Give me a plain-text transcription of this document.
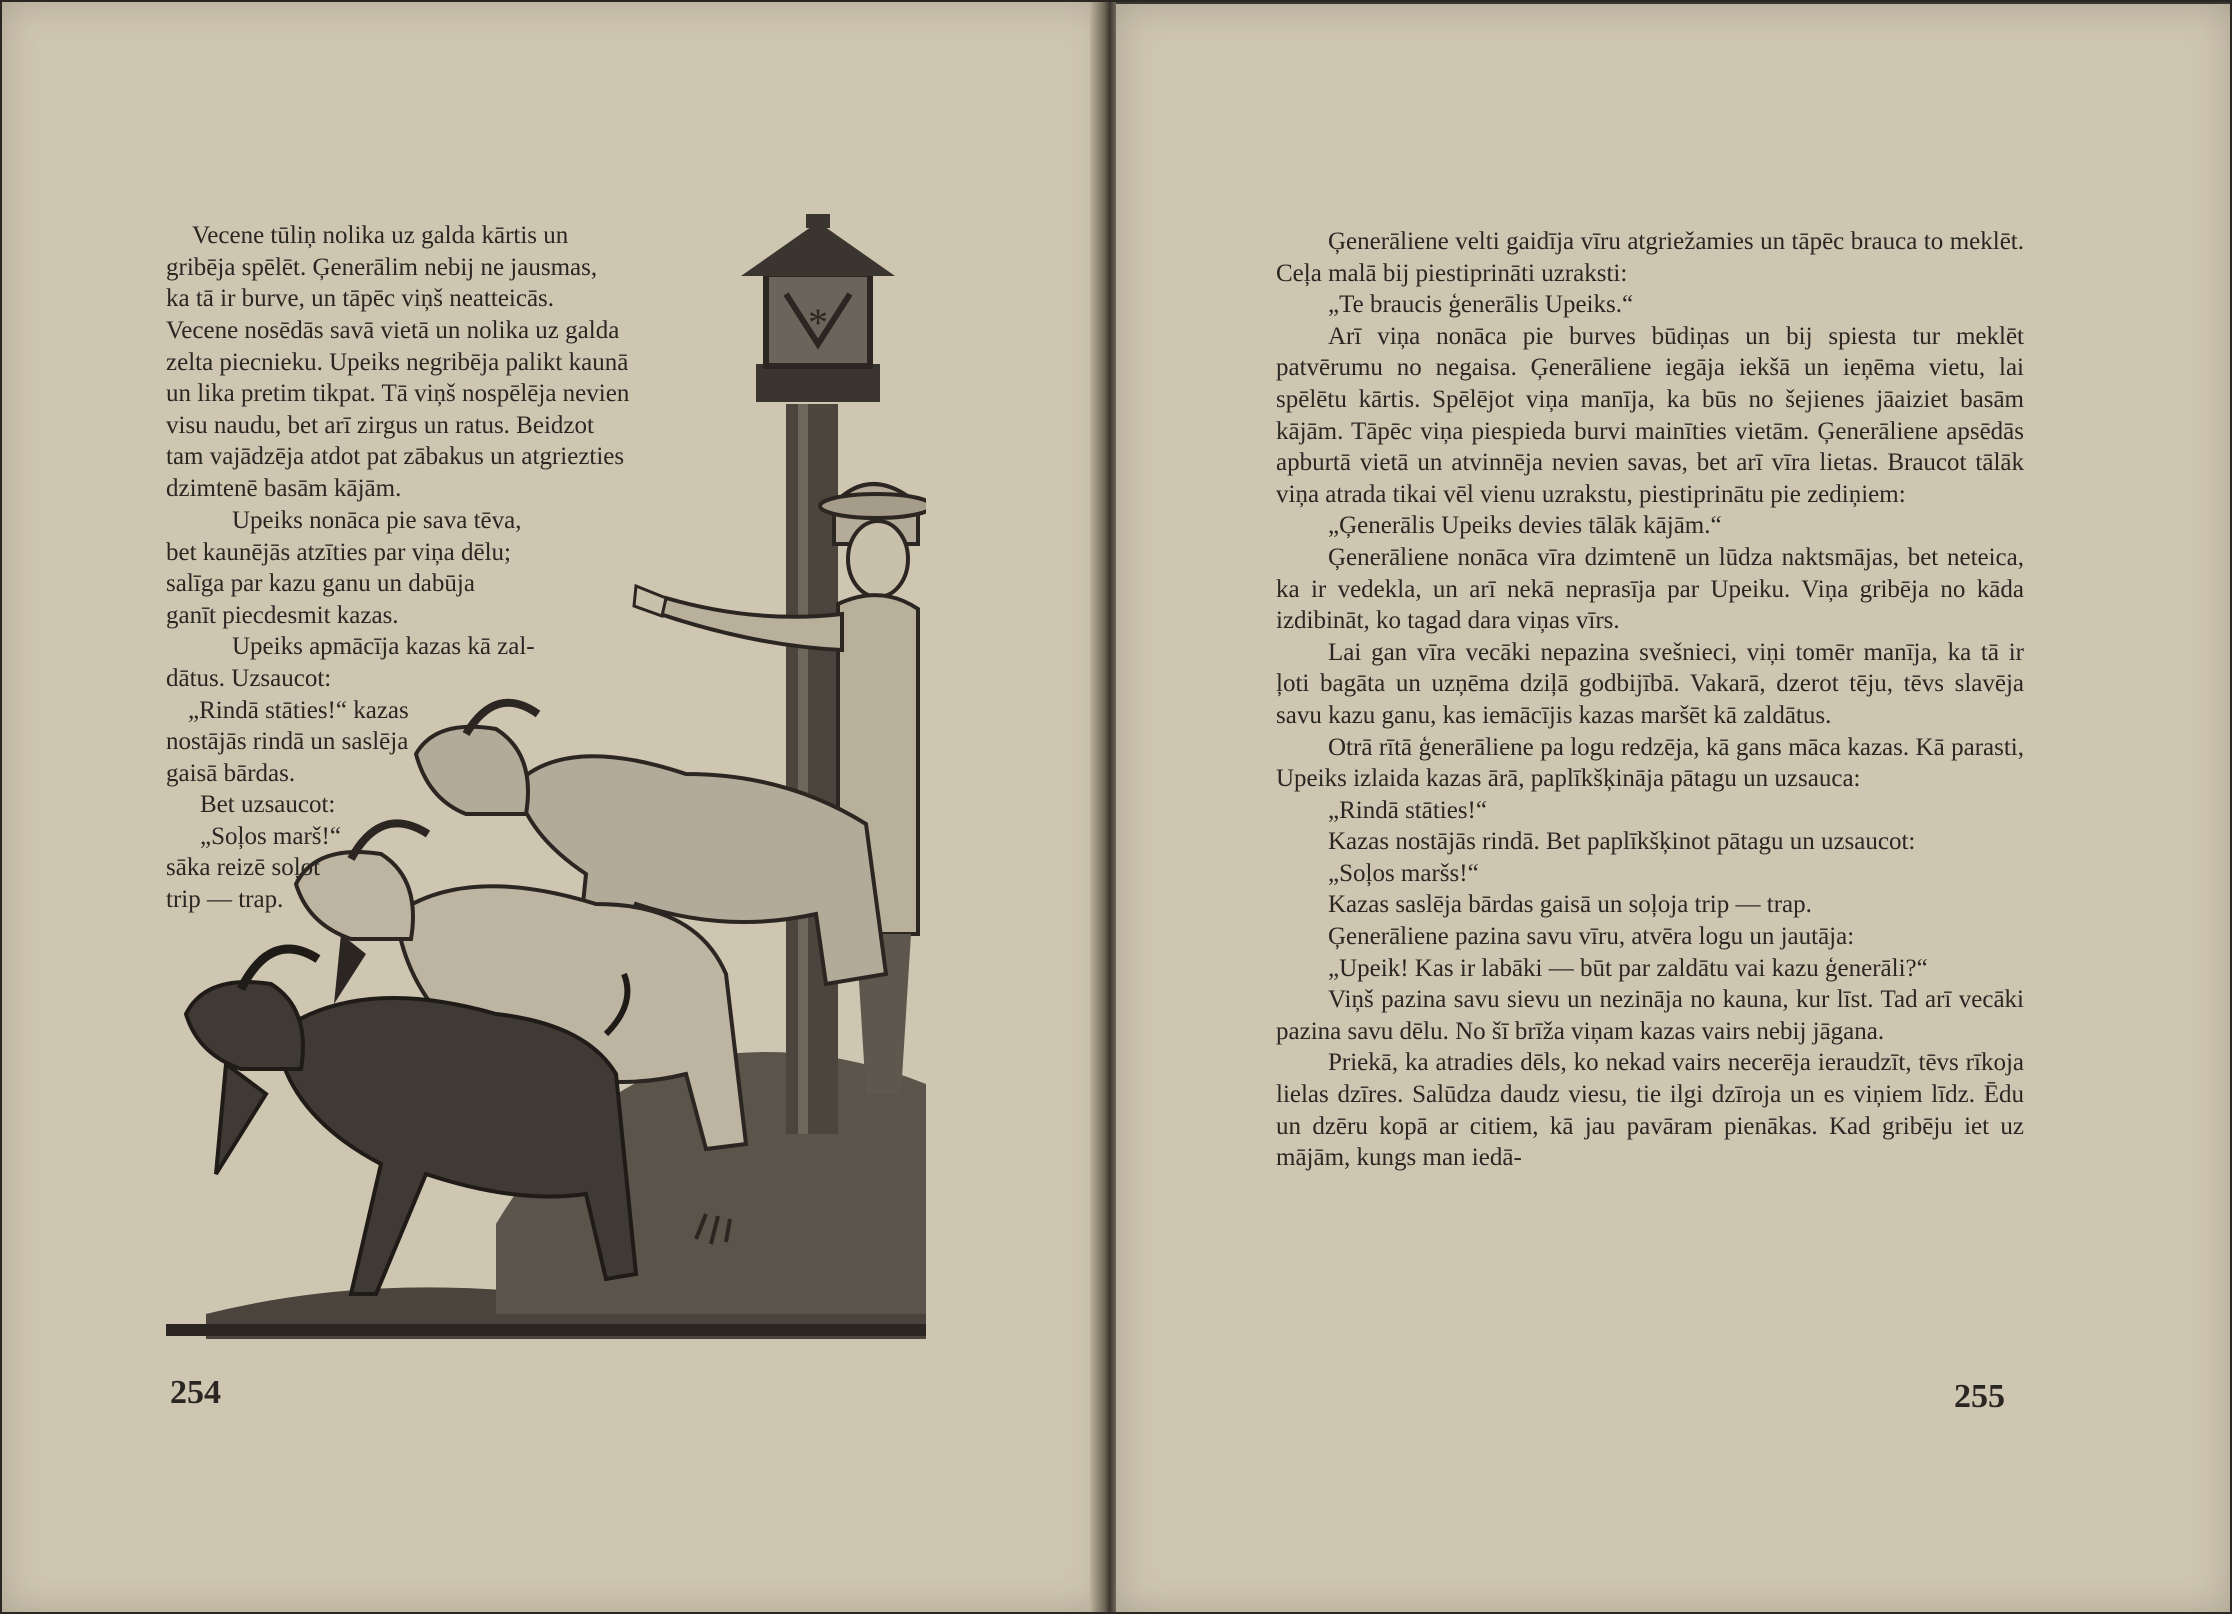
*

Vecene tūliņ nolika uz galda kārtis un

gribēja spēlēt. Ģenerālim nebij ne jausmas,

ka tā ir burve, un tāpēc viņš neatteicās.

Vecene nosēdās savā vietā un nolika uz galda

zelta piecnieku. Upeiks negribēja palikt kaunā

un lika pretim tikpat. Tā viņš nospēlēja nevien

visu naudu, bet arī zirgus un ratus. Beidzot

tam vajādzēja atdot pat zābakus un atgriezties

dzimtenē basām kājām.

Upeiks nonāca pie sava tēva,

bet kaunējās atzīties par viņa dēlu;

salīga par kazu ganu un dabūja

ganīt piecdesmit kazas.

Upeiks apmācīja kazas kā zal-

dātus. Uzsaucot:

„Rindā stāties!“ kazas

nostājās rindā un saslēja

gaisā bārdas.

Bet uzsaucot:

„Soļos marš!“

sāka reizē soļot

trip — trap.

254	255

Ģenerāliene velti gaidīja vīru atgriežamies un tāpēc brauca to meklēt. Ceļa malā bij piestiprināti uzraksti:

„Te braucis ģenerālis Upeiks.“

Arī viņa nonāca pie burves būdiņas un bij spiesta tur meklēt patvērumu no negaisa. Ģenerāliene iegāja iekšā un ieņēma vietu, lai spēlētu kārtis. Spēlējot viņa manīja, ka būs no šejienes jāaiziet basām kājām. Tāpēc viņa piespieda burvi mainīties vietām. Ģenerāliene apsēdās apburtā vietā un atvinnēja nevien savas, bet arī vīra lietas. Braucot tālāk viņa atrada tikai vēl vienu uzrakstu, piestiprinātu pie zediņiem:

„Ģenerālis Upeiks devies tālāk kājām.“

Ģenerāliene nonāca vīra dzimtenē un lūdza naktsmājas, bet neteica, ka ir vedekla, un arī nekā neprasīja par Upeiku. Viņa gribēja no kāda izdibināt, ko tagad dara viņas vīrs.

Lai gan vīra vecāki nepazina svešnieci, viņi tomēr manīja, ka tā ir ļoti bagāta un uzņēma dziļā godbijībā. Vakarā, dzerot tēju, tēvs slavēja savu kazu ganu, kas iemācījis kazas maršēt kā zaldātus.

Otrā rītā ģenerāliene pa logu redzēja, kā gans māca kazas. Kā parasti, Upeiks izlaida kazas ārā, paplīkšķināja pātagu un uzsauca:

„Rindā stāties!“

Kazas nostājās rindā. Bet paplīkšķinot pātagu un uzsaucot:

„Soļos maršs!“

Kazas saslēja bārdas gaisā un soļoja trip — trap.

Ģenerāliene pazina savu vīru, atvēra logu un jautāja:

„Upeik! Kas ir labāki — būt par zaldātu vai kazu ģenerāli?“

Viņš pazina savu sievu un nezināja no kauna, kur līst. Tad arī vecāki pazina savu dēlu. No šī brīža viņam kazas vairs nebij jāgana.

Priekā, ka atradies dēls, ko nekad vairs necerēja ieraudzīt, tēvs rīkoja lielas dzīres. Salūdza daudz viesu, tie ilgi dzīroja un es viņiem līdz. Ēdu un dzēru kopā ar citiem, kā jau pavāram pienākas. Kad gribēju iet uz mājām, kungs man iedā-
